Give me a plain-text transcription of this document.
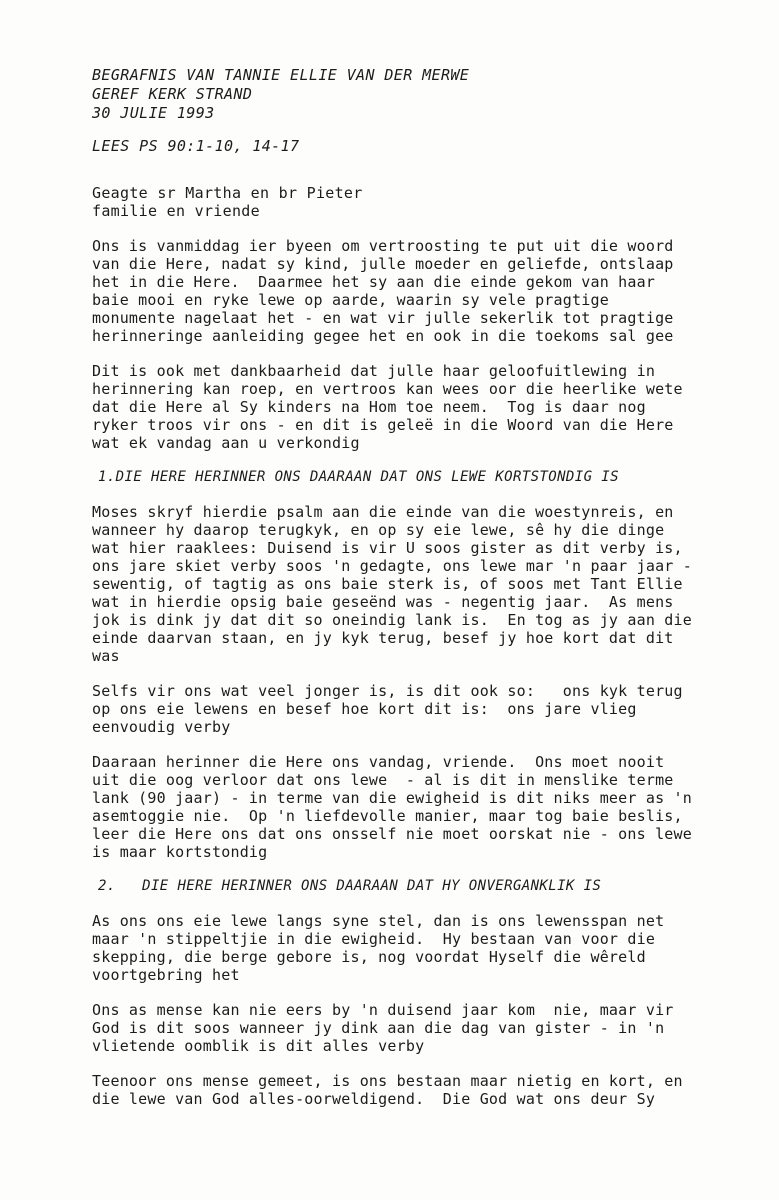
BEGRAFNIS VAN TANNIE ELLIE VAN DER MERWE

GEREF KERK STRAND

30 JULIE 1993

LEES PS 90:1-10, 14-17

Geagte sr Martha en br Pieter

familie en vriende

Ons is vanmiddag ier byeen om vertroosting te put uit die woord
van die Here, nadat sy kind, julle moeder en geliefde, ontslaap
het in die Here.  Daarmee het sy aan die einde gekom van haar
baie mooi en ryke lewe op aarde, waarin sy vele pragtige
monumente nagelaat het - en wat vir julle sekerlik tot pragtige
herinneringe aanleiding gegee het en ook in die toekoms sal gee

Dit is ook met dankbaarheid dat julle haar geloofuitlewing in
herinnering kan roep, en vertroos kan wees oor die heerlike wete
dat die Here al Sy kinders na Hom toe neem.  Tog is daar nog
ryker troos vir ons - en dit is geleë in die Woord van die Here
wat ek vandag aan u verkondig

1.DIE HERE HERINNER ONS DAARAAN DAT ONS LEWE KORTSTONDIG IS

Moses skryf hierdie psalm aan die einde van die woestynreis, en
wanneer hy daarop terugkyk, en op sy eie lewe, sê hy die dinge
wat hier raaklees: Duisend is vir U soos gister as dit verby is,
ons jare skiet verby soos 'n gedagte, ons lewe mar 'n paar jaar -
sewentig, of tagtig as ons baie sterk is, of soos met Tant Ellie
wat in hierdie opsig baie geseënd was - negentig jaar.  As mens
jok is dink jy dat dit so oneindig lank is.  En tog as jy aan die
einde daarvan staan, en jy kyk terug, besef jy hoe kort dat dit
was

Selfs vir ons wat veel jonger is, is dit ook so:   ons kyk terug
op ons eie lewens en besef hoe kort dit is:  ons jare vlieg
eenvoudig verby

Daaraan herinner die Here ons vandag, vriende.  Ons moet nooit
uit die oog verloor dat ons lewe  - al is dit in menslike terme
lank (90 jaar) - in terme van die ewigheid is dit niks meer as 'n
asemtoggie nie.  Op 'n liefdevolle manier, maar tog baie beslis,
leer die Here ons dat ons onsself nie moet oorskat nie - ons lewe
is maar kortstondig

2.   DIE HERE HERINNER ONS DAARAAN DAT HY ONVERGANKLIK IS

As ons ons eie lewe langs syne stel, dan is ons lewensspan net
maar 'n stippeltjie in die ewigheid.  Hy bestaan van voor die
skepping, die berge gebore is, nog voordat Hyself die wêreld
voortgebring het

Ons as mense kan nie eers by 'n duisend jaar kom  nie, maar vir
God is dit soos wanneer jy dink aan die dag van gister - in 'n
vlietende oomblik is dit alles verby

Teenoor ons mense gemeet, is ons bestaan maar nietig en kort, en
die lewe van God alles-oorweldigend.  Die God wat ons deur Sy
